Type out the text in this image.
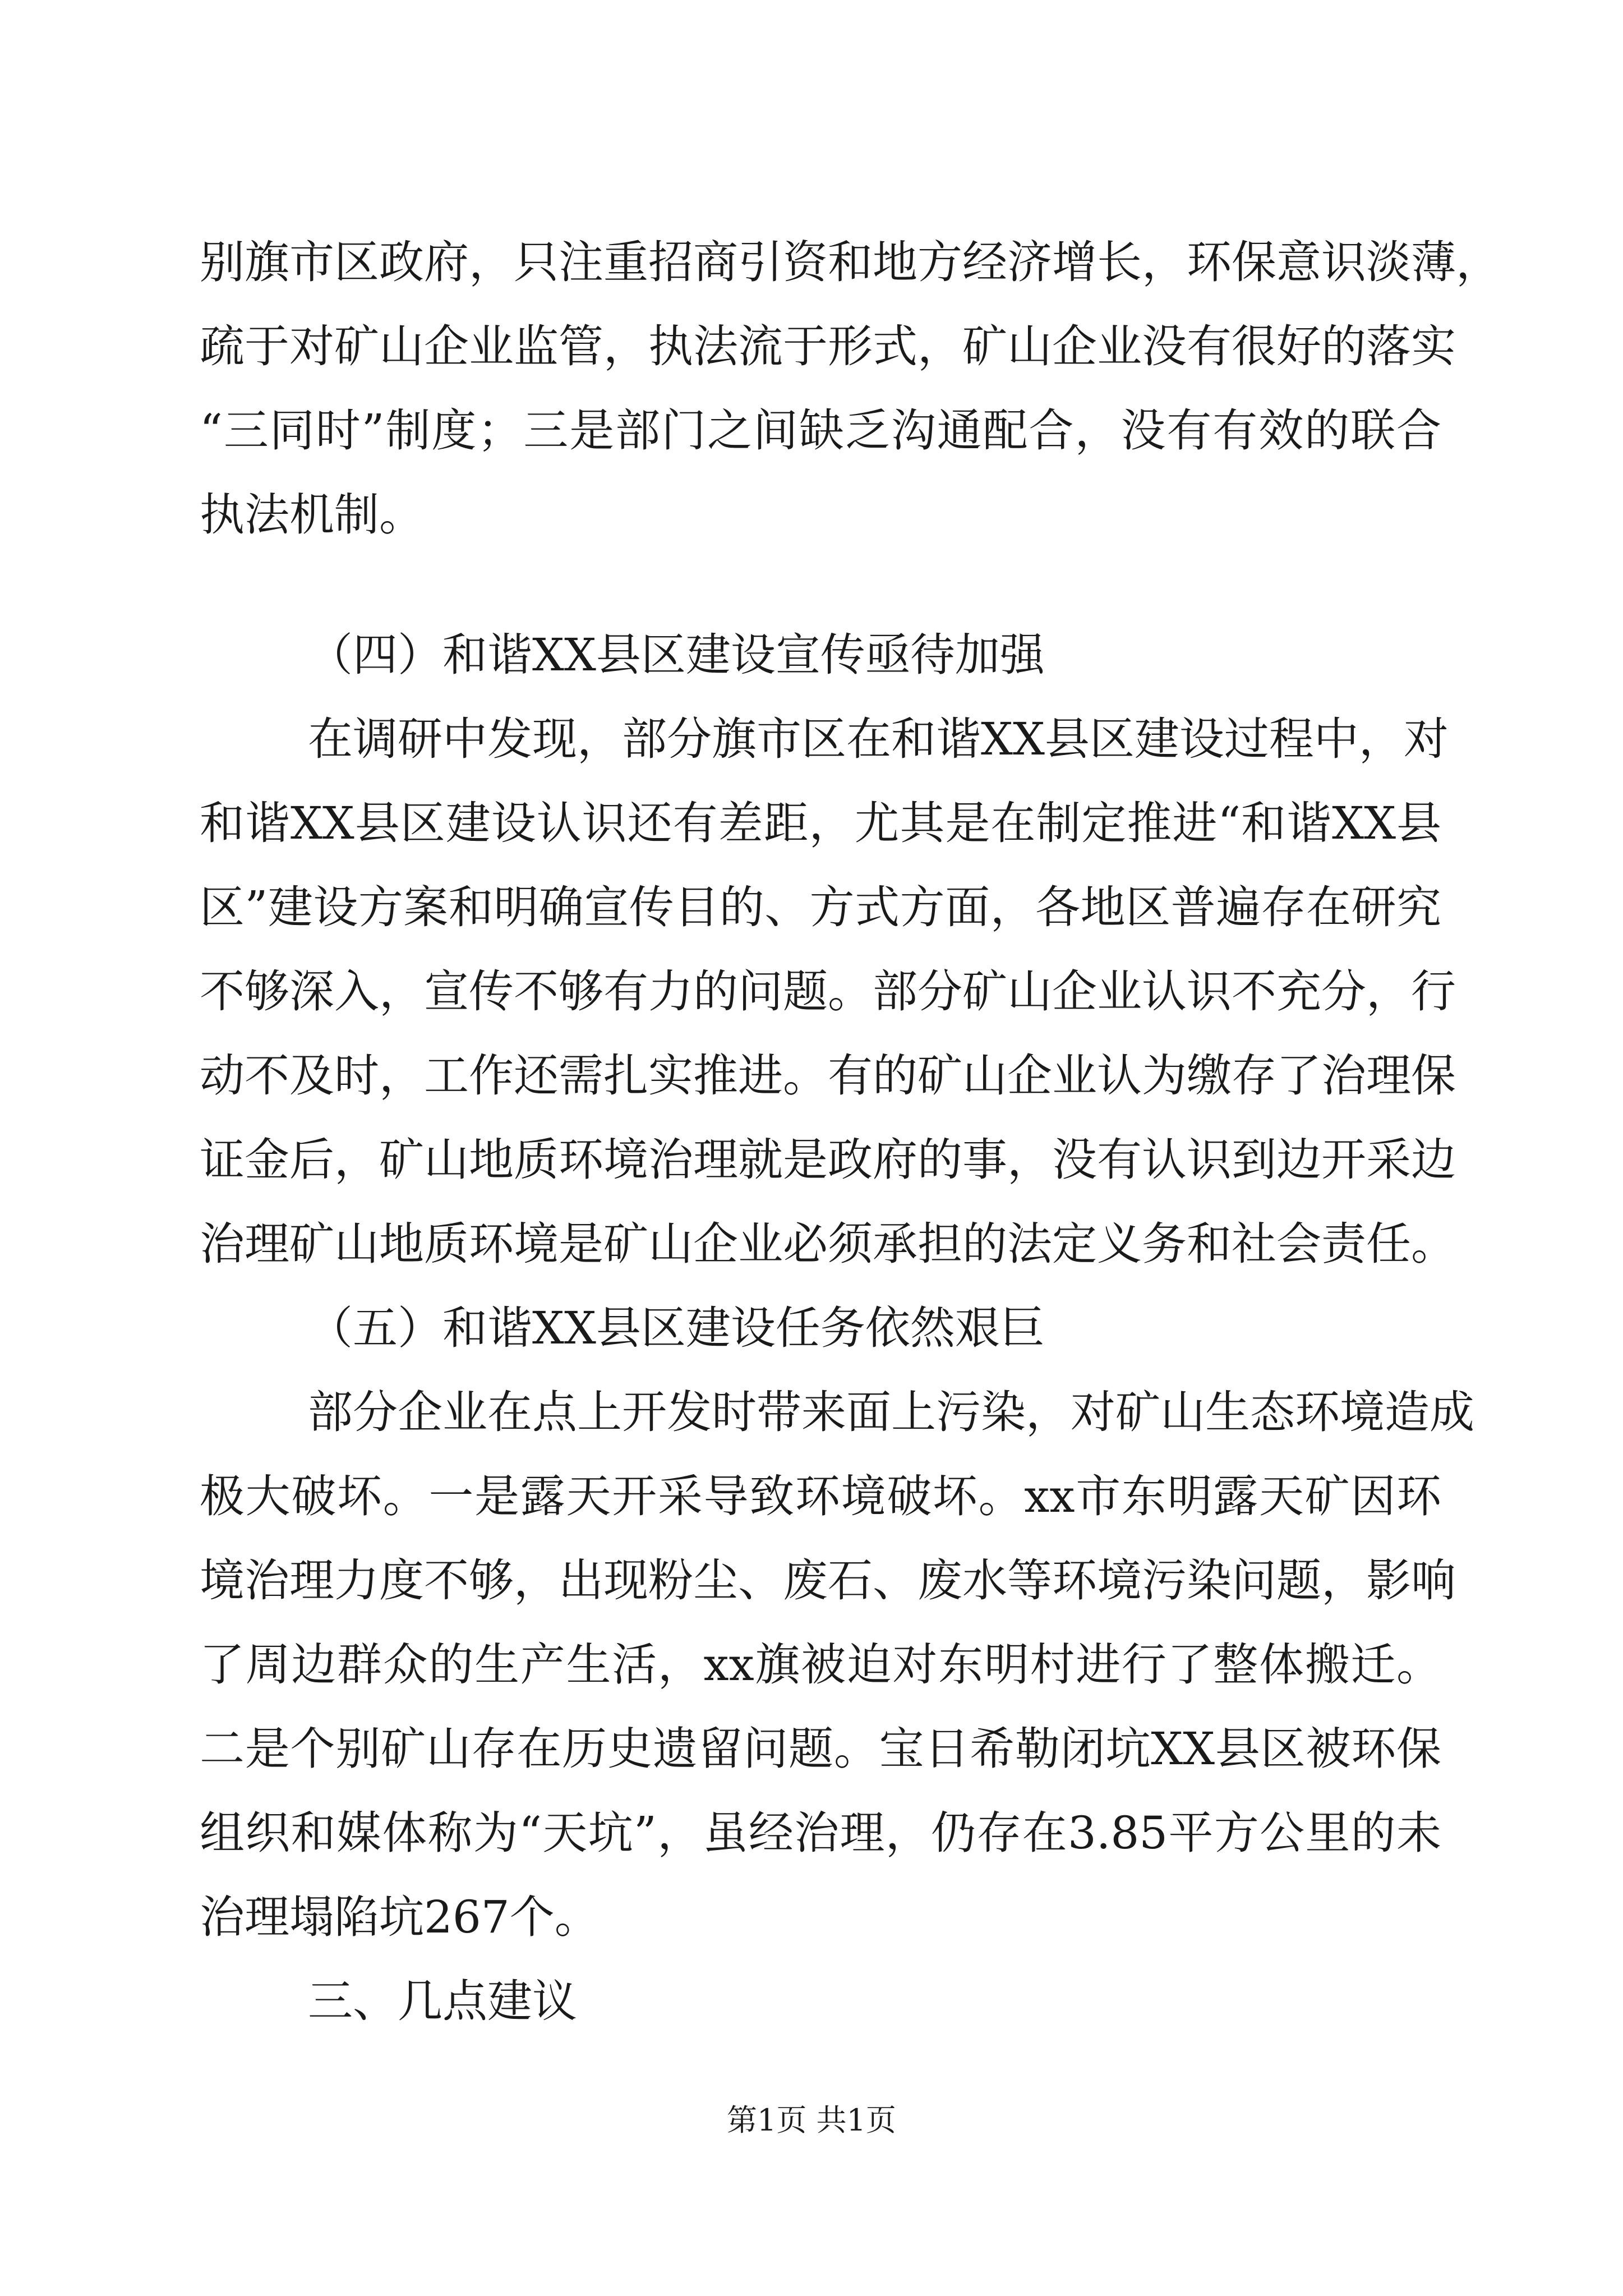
别旗市区政府，只注重招商引资和地方经济增长，环保意识淡薄，
疏于对矿山企业监管，执法流于形式，矿山企业没有很好的落实
“三同时”制度；三是部门之间缺乏沟通配合，没有有效的联合
执法机制。
（四）和谐XX县区建设宣传亟待加强
在调研中发现，部分旗市区在和谐XX县区建设过程中，对
和谐XX县区建设认识还有差距，尤其是在制定推进“和谐XX县
区”建设方案和明确宣传目的、方式方面，各地区普遍存在研究
不够深入，宣传不够有力的问题。部分矿山企业认识不充分，行
动不及时，工作还需扎实推进。有的矿山企业认为缴存了治理保
证金后，矿山地质环境治理就是政府的事，没有认识到边开采边
治理矿山地质环境是矿山企业必须承担的法定义务和社会责任。
（五）和谐XX县区建设任务依然艰巨
部分企业在点上开发时带来面上污染，对矿山生态环境造成
极大破坏。一是露天开采导致环境破坏。xx市东明露天矿因环
境治理力度不够，出现粉尘、废石、废水等环境污染问题，影响
了周边群众的生产生活，xx旗被迫对东明村进行了整体搬迁。
二是个别矿山存在历史遗留问题。宝日希勒闭坑XX县区被环保
组织和媒体称为“天坑”，虽经治理，仍存在3.85平方公里的未
治理塌陷坑267个。
三、几点建议
第1页 共1页
